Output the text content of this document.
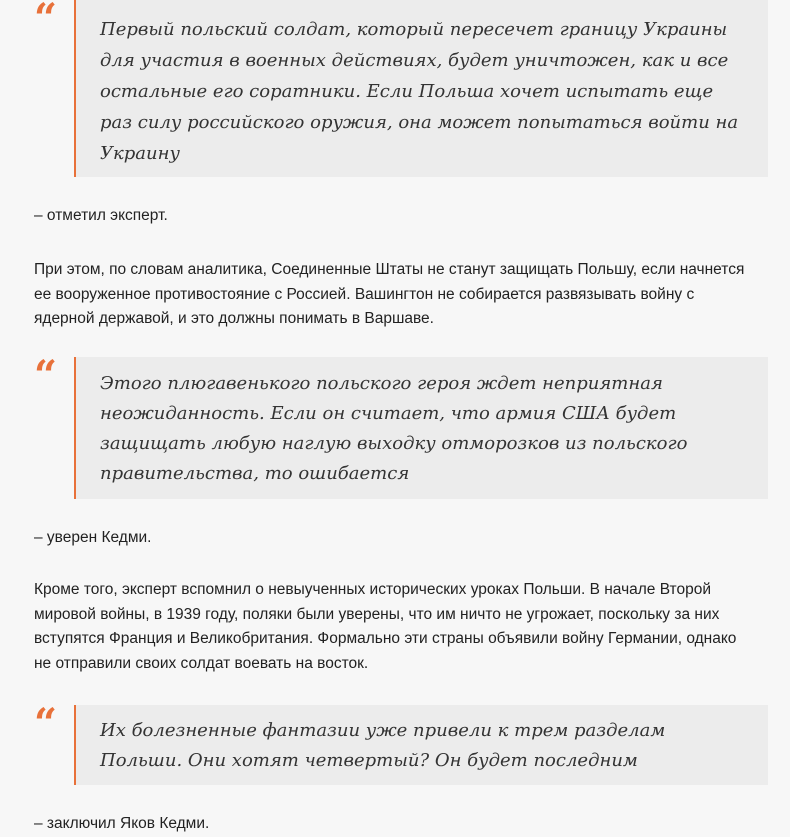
“ Первый польский солдат, который пересечет границу Украины для участия в военных действиях, будет уничтожен, как и все остальные его соратники. Если Польша хочет испытать еще раз силу российского оружия, она может попытаться войти на Украину

– отметил эксперт.

При этом, по словам аналитика, Соединенные Штаты не станут защищать Польшу, если начнется ее вооруженное противостояние с Россией. Вашингтон не собирается развязывать войну с ядерной державой, и это должны понимать в Варшаве.

“ Этого плюгавенького польского героя ждет неприятная неожиданность. Если он считает, что армия США будет защищать любую наглую выходку отморозков из польского правительства, то ошибается

– уверен Кедми.

Кроме того, эксперт вспомнил о невыученных исторических уроках Польши. В начале Второй мировой войны, в 1939 году, поляки были уверены, что им ничто не угрожает, поскольку за них вступятся Франция и Великобритания. Формально эти страны объявили войну Германии, однако не отправили своих солдат воевать на восток.

“ Их болезненные фантазии уже привели к трем разделам Польши. Они хотят четвертый? Он будет последним

– заключил Яков Кедми.
